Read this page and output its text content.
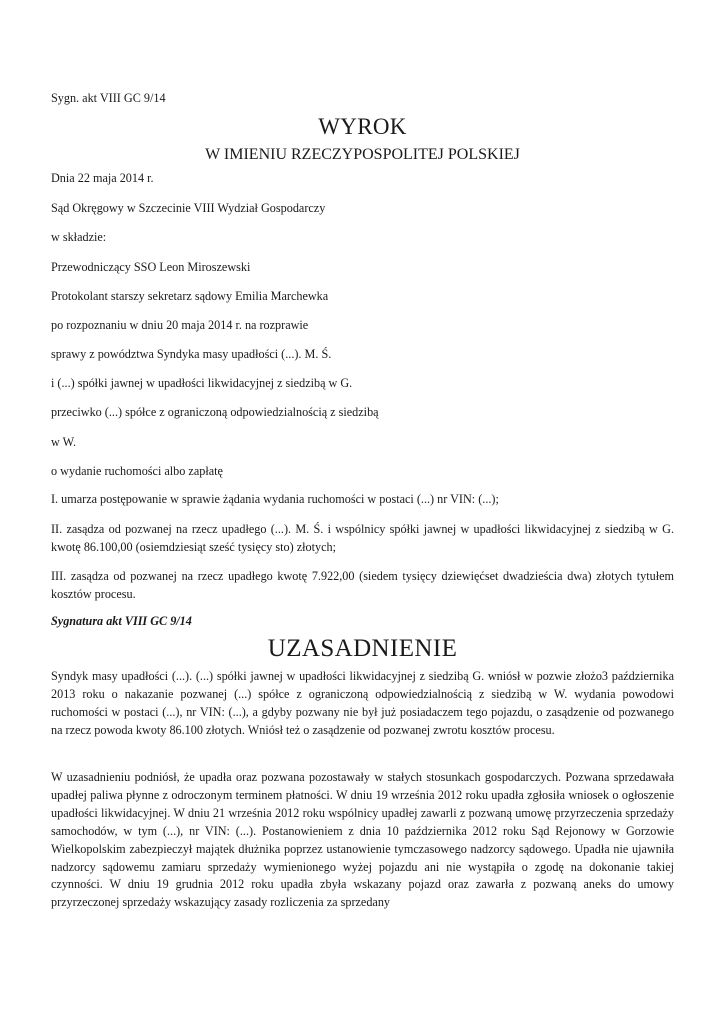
Sygn. akt VIII GC 9/14
WYROK
W IMIENIU RZECZYPOSPOLITEJ POLSKIEJ
Dnia 22 maja 2014 r.
Sąd Okręgowy w Szczecinie VIII Wydział Gospodarczy
w składzie:
Przewodniczący SSO Leon Miroszewski
Protokolant starszy sekretarz sądowy Emilia Marchewka
po rozpoznaniu w dniu 20 maja 2014 r. na rozprawie
sprawy z powództwa Syndyka masy upadłości (...). M. Ś.
i (...) spółki jawnej w upadłości likwidacyjnej z siedzibą w G.
przeciwko (...) spółce z ograniczoną odpowiedzialnością z siedzibą
w W.
o wydanie ruchomości albo zapłatę
I. umarza postępowanie w sprawie żądania wydania ruchomości w postaci (...) nr VIN: (...);
II. zasądza od pozwanej na rzecz upadłego (...). M. Ś. i wspólnicy spółki jawnej w upadłości likwidacyjnej z siedzibą w G. kwotę 86.100,00 (osiemdziesiąt sześć tysięcy sto) złotych;
III. zasądza od pozwanej na rzecz upadłego kwotę 7.922,00 (siedem tysięcy dziewięćset dwadzieścia dwa) złotych tytułem kosztów procesu.
Sygnatura akt VIII GC 9/14
UZASADNIENIE
Syndyk masy upadłości (...). (...) spółki jawnej w upadłości likwidacyjnej z siedzibą G. wniósł w pozwie złożo3 października 2013 roku o nakazanie pozwanej (...) spółce z ograniczoną odpowiedzialnością z siedzibą w W. wydania powodowi ruchomości w postaci (...), nr VIN: (...), a gdyby pozwany nie był już posiadaczem tego pojazdu, o zasądzenie od pozwanego na rzecz powoda kwoty 86.100 złotych. Wniósł też o zasądzenie od pozwanej zwrotu kosztów procesu.
W uzasadnieniu podniósł, że upadła oraz pozwana pozostawały w stałych stosunkach gospodarczych. Pozwana sprzedawała upadłej paliwa płynne z odroczonym terminem płatności. W dniu 19 września 2012 roku upadła zgłosiła wniosek o ogłoszenie upadłości likwidacyjnej. W dniu 21 września 2012 roku wspólnicy upadłej zawarli z pozwaną umowę przyrzeczenia sprzedaży samochodów, w tym (...), nr VIN: (...). Postanowieniem z dnia 10 października 2012 roku Sąd Rejonowy w Gorzowie Wielkopolskim zabezpieczył majątek dłużnika poprzez ustanowienie tymczasowego nadzorcy sądowego. Upadła nie ujawniła nadzorcy sądowemu zamiaru sprzedaży wymienionego wyżej pojazdu ani nie wystąpiła o zgodę na dokonanie takiej czynności. W dniu 19 grudnia 2012 roku upadła zbyła wskazany pojazd oraz zawarła z pozwaną aneks do umowy przyrzeczonej sprzedaży wskazujący zasady rozliczenia za sprzedany
